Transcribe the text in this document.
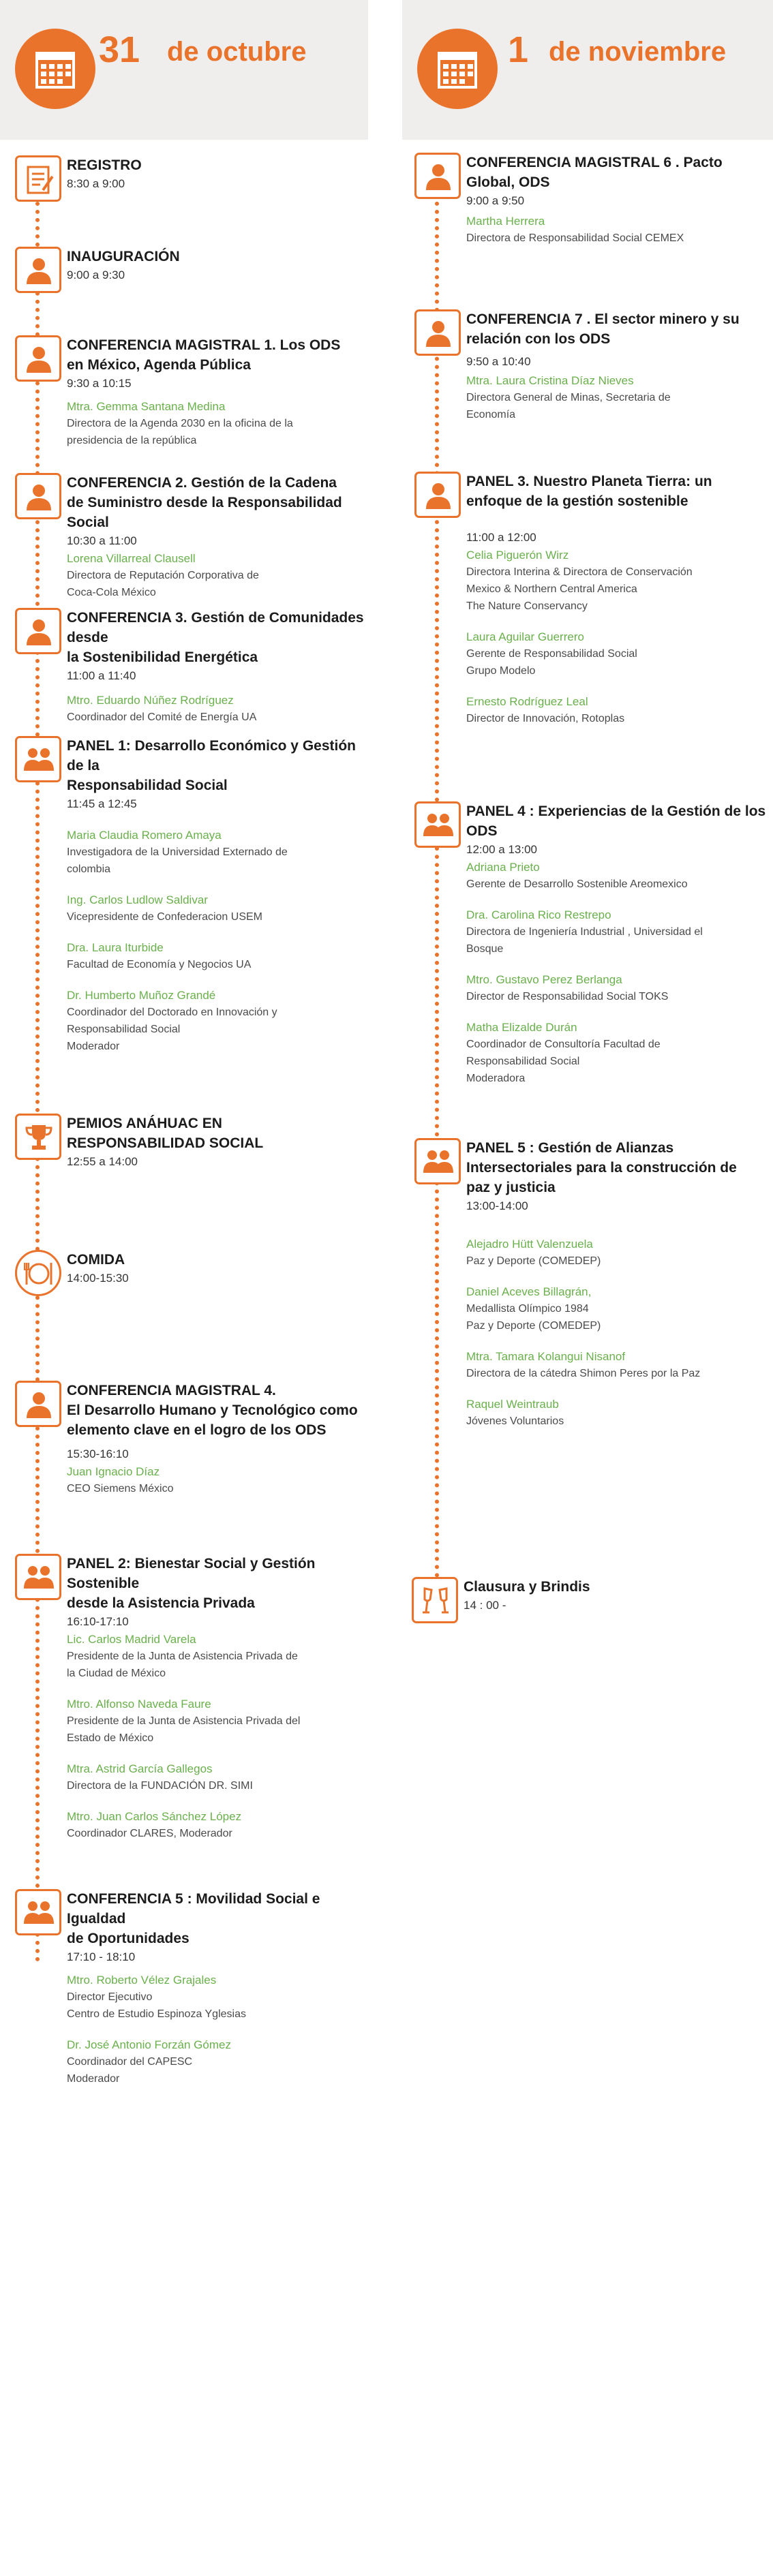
31 de octubre	1 de noviembre
REGISTRO
8:30 a 9:00
INAUGURACIÓN
9:00 a 9:30
CONFERENCIA MAGISTRAL 1. Los ODS
en México, Agenda Pública
9:30 a 10:15
Mtra. Gemma Santana Medina
Directora de la Agenda 2030 en la oficina de la
presidencia de la república
CONFERENCIA 2. Gestión de la Cadena
de Suministro desde la Responsabilidad
Social
10:30 a 11:00
Lorena Villarreal Clausell
Directora de Reputación Corporativa de
Coca-Cola México
CONFERENCIA 3. Gestión de Comunidades desde
la Sostenibilidad Energética
11:00 a 11:40
Mtro. Eduardo Núñez Rodríguez
Coordinador del Comité de Energía UA
PANEL 1: Desarrollo Económico y Gestión de la
Responsabilidad Social
11:45 a 12:45
Maria Claudia Romero Amaya
Investigadora de la Universidad Externado de
colombia
Ing. Carlos Ludlow Saldivar
Vicepresidente de Confederacion USEM
Dra. Laura Iturbide
Facultad de Economía y Negocios UA
Dr. Humberto Muñoz Grandé
Coordinador del Doctorado en Innovación y
Responsabilidad Social
Moderador
PEMIOS ANÁHUAC EN
RESPONSABILIDAD SOCIAL
12:55 a 14:00
COMIDA
14:00-15:30
CONFERENCIA MAGISTRAL 4.
El Desarrollo Humano y Tecnológico como
elemento clave en el logro de los ODS
15:30-16:10
Juan Ignacio Díaz
CEO Siemens México
PANEL 2: Bienestar Social y Gestión Sostenible
desde la Asistencia Privada
16:10-17:10
Lic. Carlos Madrid Varela
Presidente de la Junta de Asistencia Privada de
la Ciudad de México
Mtro. Alfonso Naveda Faure
Presidente de la Junta de Asistencia Privada del
Estado de México
Mtra. Astrid García Gallegos
Directora de la FUNDACIÓN DR. SIMI
Mtro. Juan Carlos Sánchez López
Coordinador CLARES, Moderador
CONFERENCIA 5 : Movilidad Social e Igualdad
de Oportunidades
17:10 - 18:10
Mtro. Roberto Vélez Grajales
Director Ejecutivo
Centro de Estudio Espinoza Yglesias
Dr. José Antonio Forzán Gómez
Coordinador del CAPESC
Moderador
CONFERENCIA MAGISTRAL 6 . Pacto
Global, ODS
9:00 a 9:50
Martha Herrera
Directora de Responsabilidad Social CEMEX
CONFERENCIA 7 . El sector minero y su
relación con los ODS
9:50 a 10:40
Mtra. Laura Cristina Díaz Nieves
Directora General de Minas, Secretaria de
Economía
PANEL 3. Nuestro Planeta Tierra: un
enfoque de la gestión sostenible
11:00 a 12:00
Celia Piguerón Wirz
Directora Interina & Directora de Conservación
Mexico & Northern Central America
The Nature Conservancy
Laura Aguilar Guerrero
Gerente de Responsabilidad Social
Grupo Modelo
Ernesto Rodríguez Leal
Director de Innovación, Rotoplas
PANEL 4 : Experiencias de la Gestión de los
ODS
12:00 a 13:00
Adriana Prieto
Gerente de Desarrollo Sostenible Areomexico
Dra. Carolina Rico Restrepo
Directora de Ingeniería Industrial , Universidad el
Bosque
Mtro. Gustavo Perez Berlanga
Director de Responsabilidad Social TOKS
Matha Elizalde Durán
Coordinador de Consultoría Facultad de
Responsabilidad Social
Moderadora
PANEL 5 : Gestión de Alianzas
Intersectoriales para la construcción de
paz y justicia
13:00-14:00
Alejadro Hütt Valenzuela
Paz y Deporte (COMEDEP)
Daniel Aceves Billagrán,
Medallista Olímpico 1984
Paz y Deporte (COMEDEP)
Mtra. Tamara Kolangui Nisanof
Directora de la cátedra Shimon Peres por la Paz
Raquel Weintraub
Jóvenes Voluntarios
Clausura y Brindis
14 : 00 -
